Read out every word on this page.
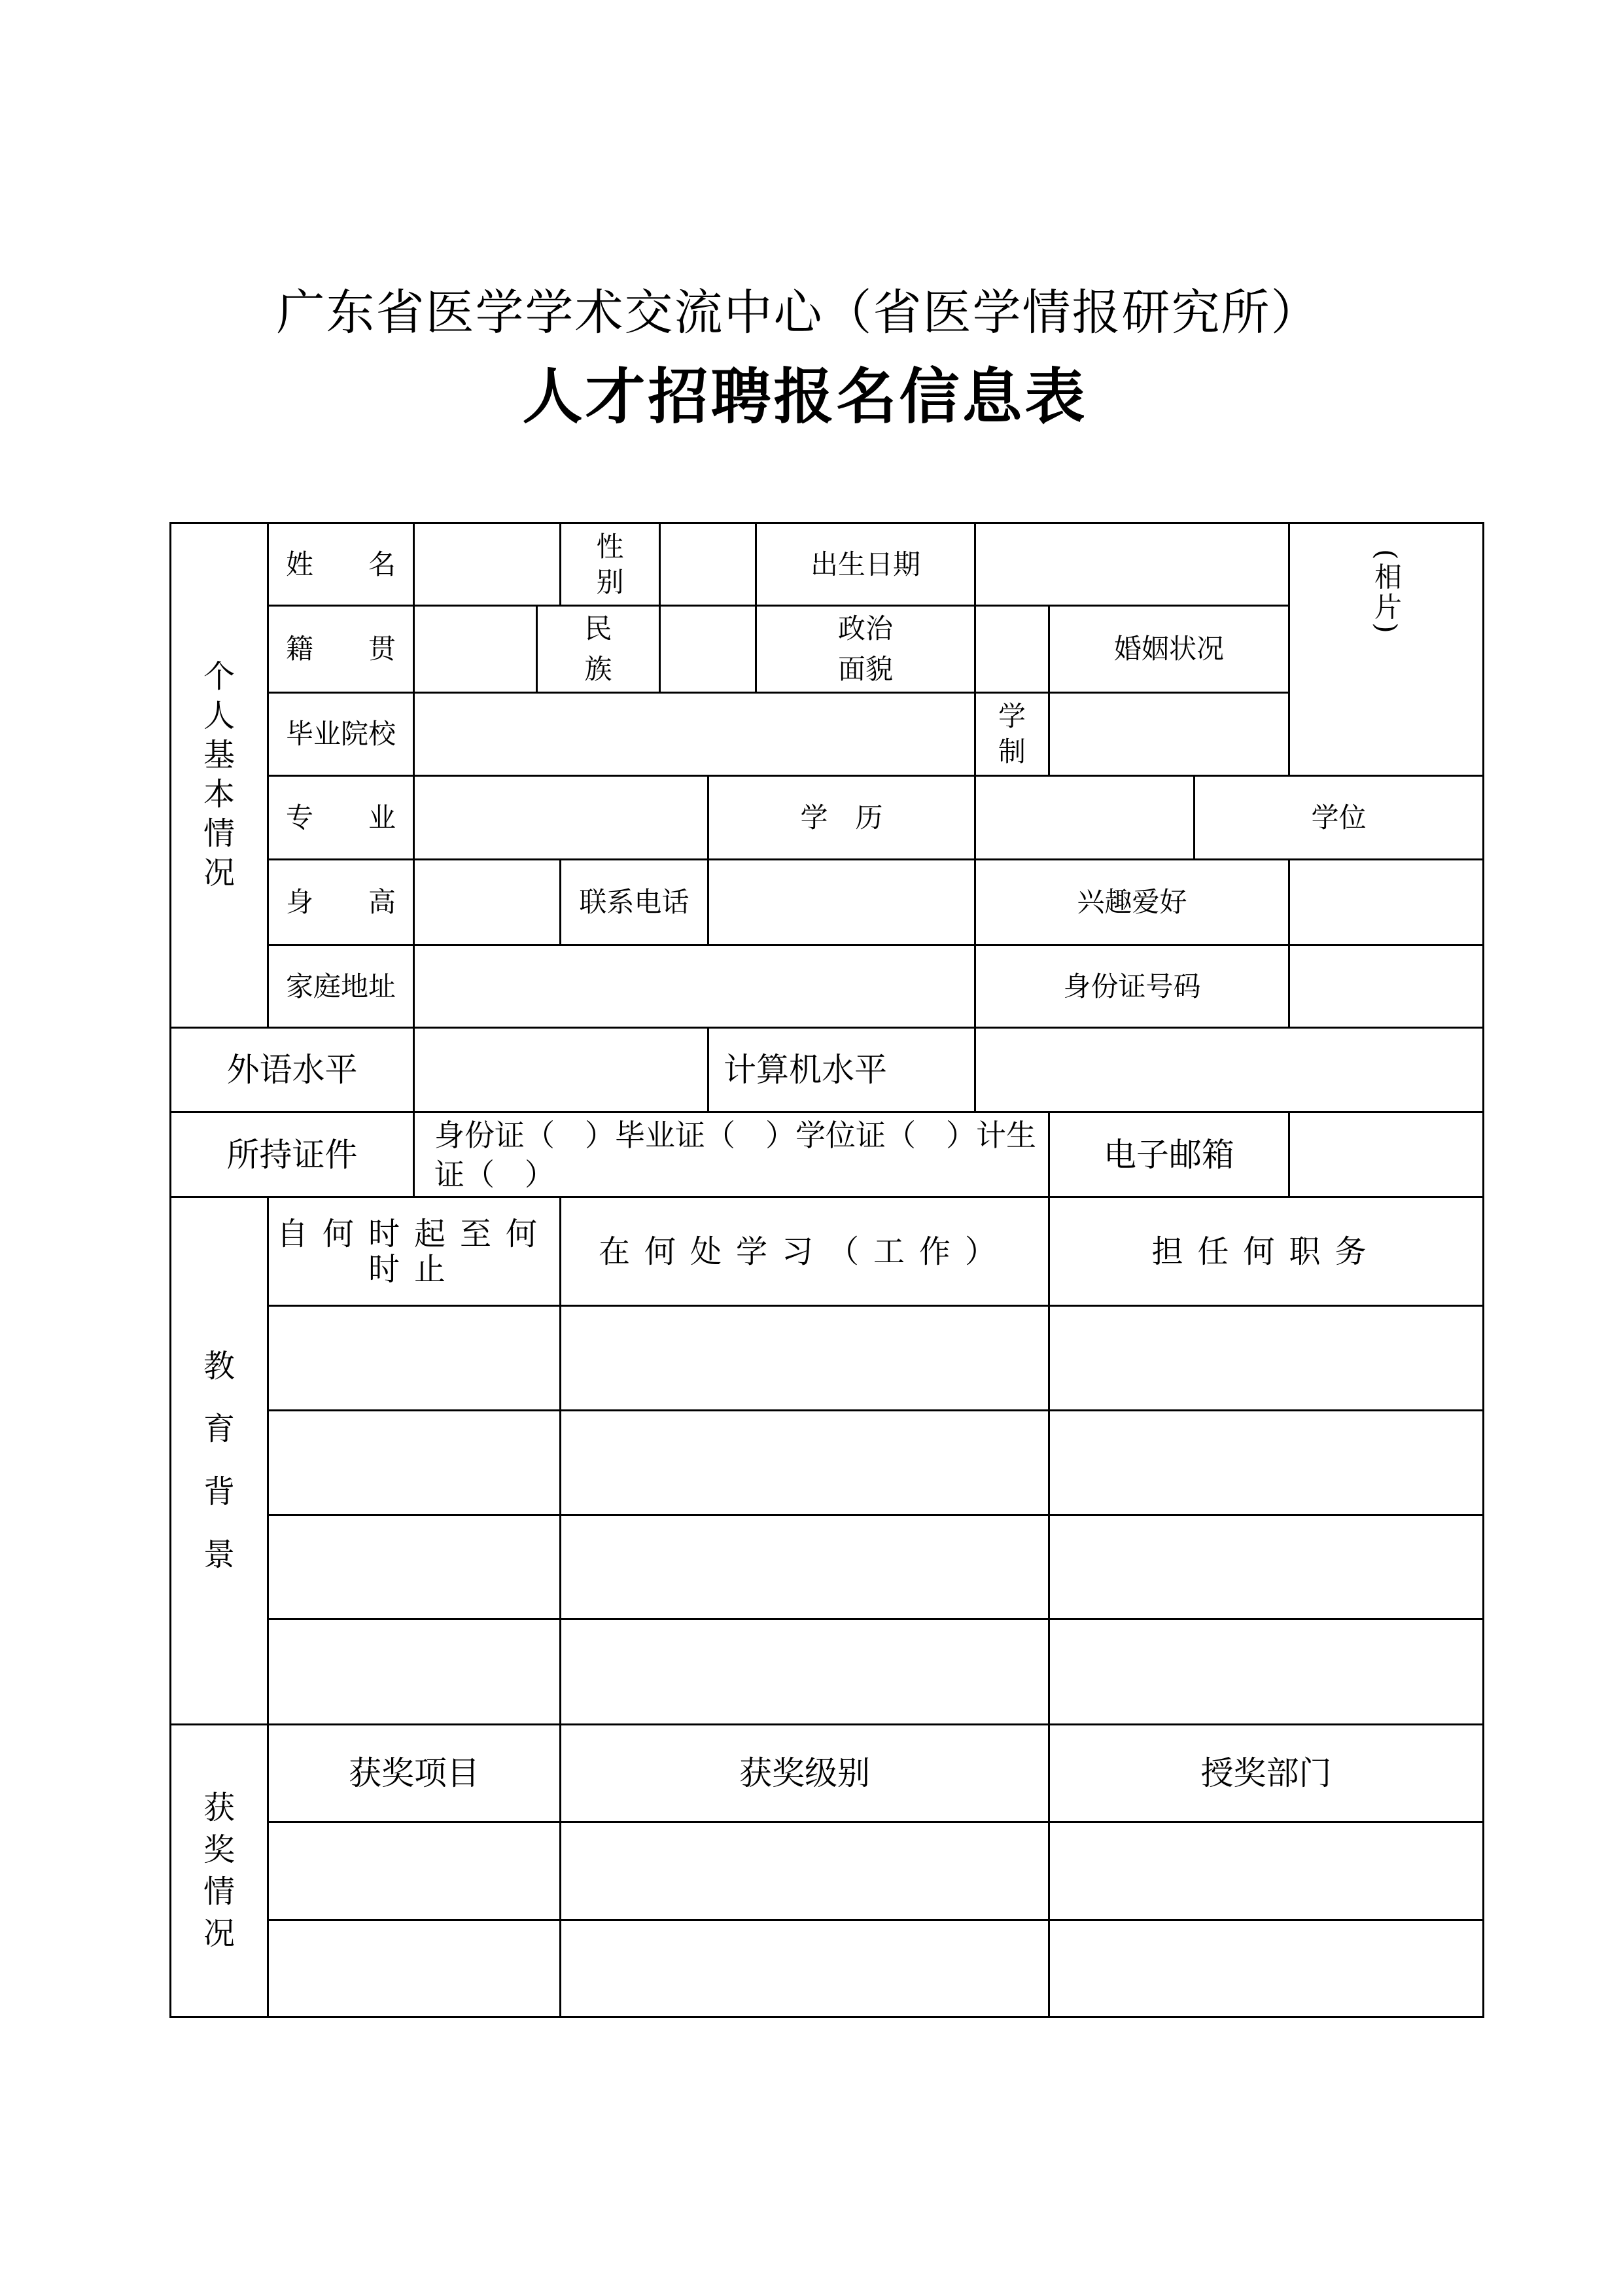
广东省医学学术交流中心（省医学情报研究所）
人才招聘报名信息表
个人基本情况	姓　　名			性　　别			出生日期				(相片)	
	籍　　贯		民族				政治面貌		婚姻状况			
	毕业院校							学　制				
	专　　业					学　历				学位		
	身　　高			联系电话				兴趣爱好				
	家庭地址							身份证号码				
外语水平						计算机水平						
所持证件		身份证（　）毕业证（　）学位证（　）计生证（　）							电子邮箱			
教育背景	自何时起至何时止			在何处学习（工作）					担任何职务			

获奖情况	获奖项目			获奖级别					授奖部门			
